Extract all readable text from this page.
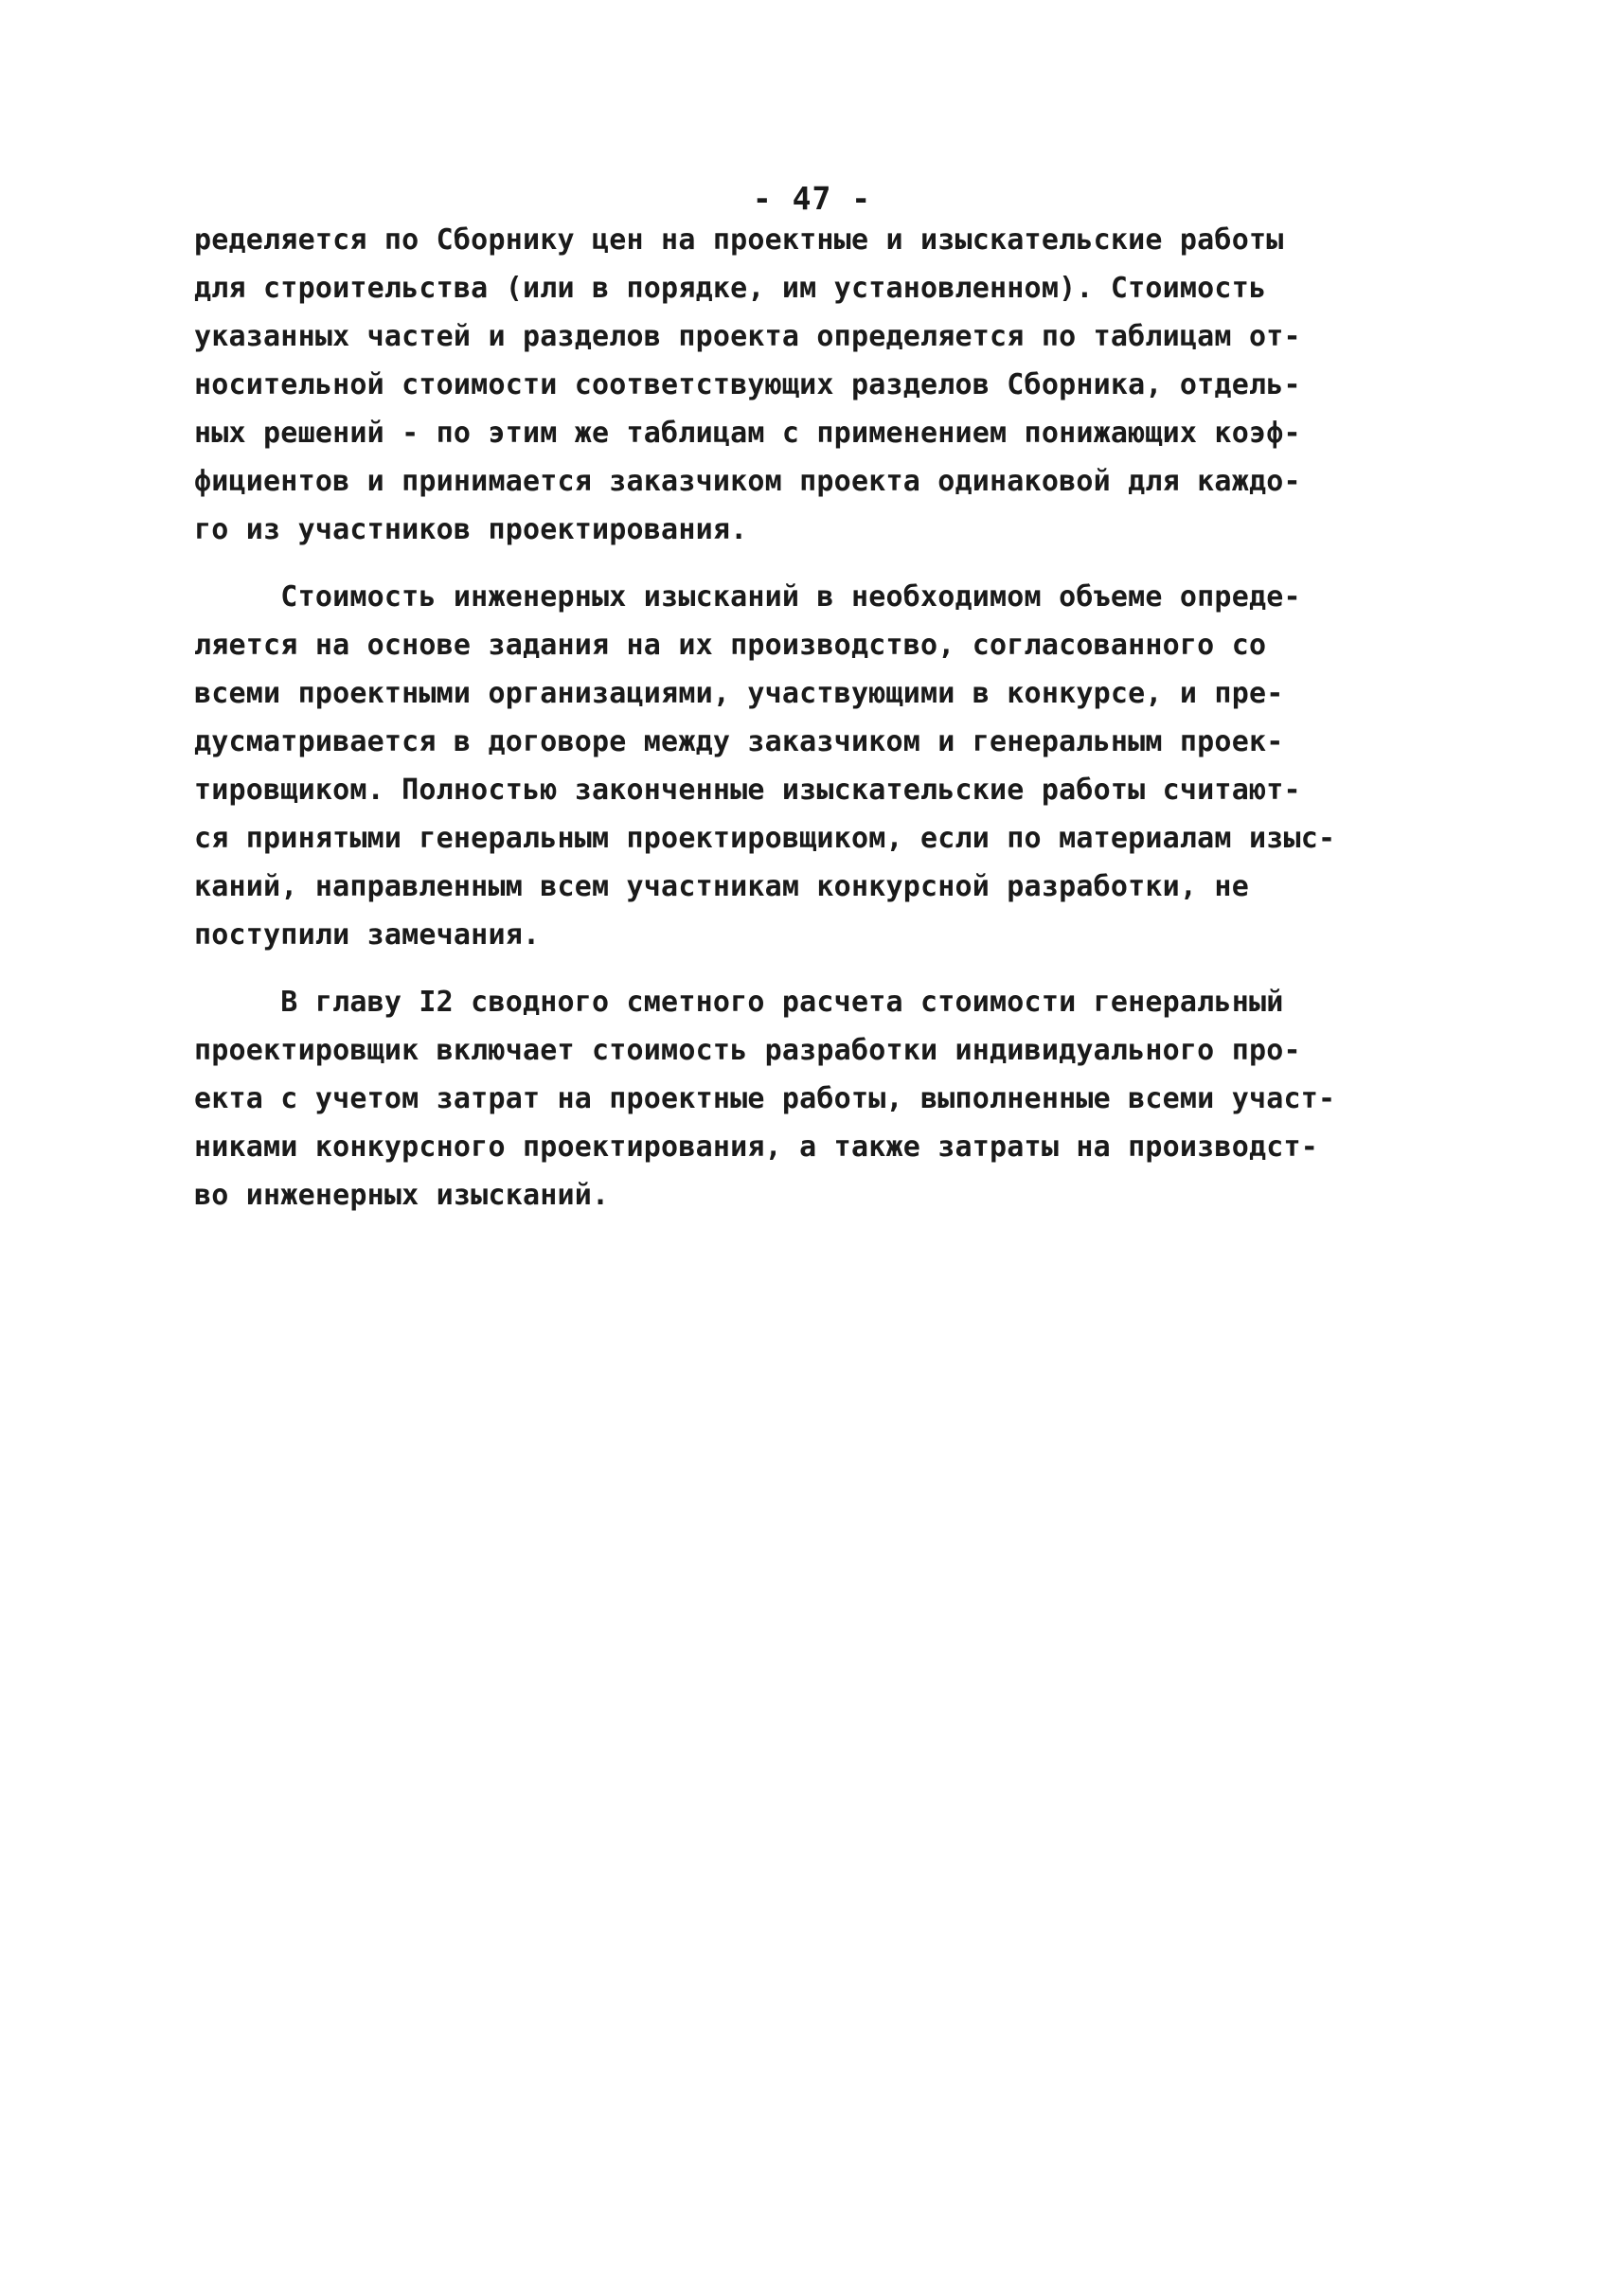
- 47 -
ределяется по Сборнику цен на проектные и изыскательские работы
для строительства (или в порядке, им установленном). Стоимость
указанных частей и разделов проекта определяется по таблицам от-
носительной стоимости соответствующих разделов Сборника, отдель-
ных решений - по этим же таблицам с применением понижающих коэф-
фициентов и принимается заказчиком проекта одинаковой для каждо-
го из участников проектирования.
Стоимость инженерных изысканий в необходимом объеме опреде-
ляется на основе задания на их производство, согласованного со
всеми проектными организациями, участвующими в конкурсе, и пре-
дусматривается в договоре между заказчиком и генеральным проек-
тировщиком. Полностью законченные изыскательские работы считают-
ся принятыми генеральным проектировщиком, если по материалам изыс-
каний, направленным всем участникам конкурсной разработки, не
поступили замечания.
В главу I2 сводного сметного расчета стоимости генеральный
проектировщик включает стоимость разработки индивидуального про-
екта с учетом затрат на проектные работы, выполненные всеми участ-
никами конкурсного проектирования, а также затраты на производст-
во инженерных изысканий.
